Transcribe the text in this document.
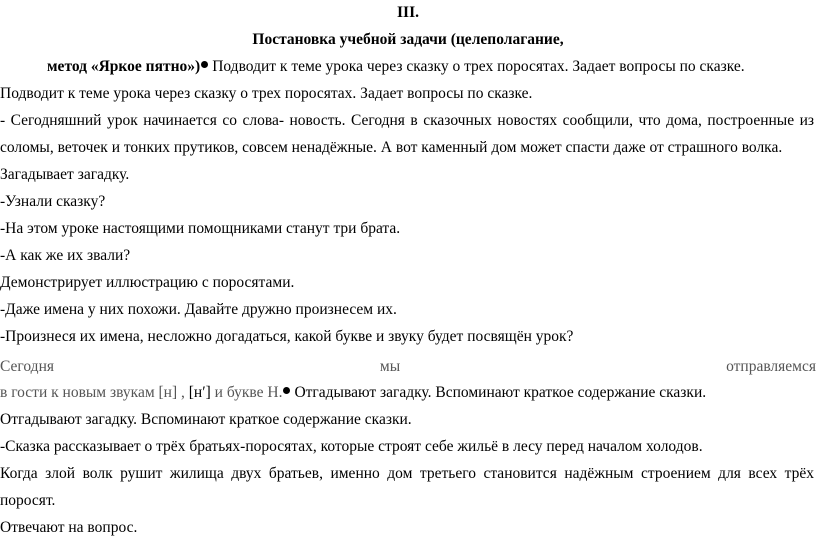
III.
Постановка учебной задачи (целеполагание,
метод «Яркое пятно») Подводит к теме урока через сказку о трех поросятах. Задает вопросы по сказке.
Подводит к теме урока через сказку о трех поросятах. Задает вопросы по сказке.
- Сегодняшний урок начинается со слова- новость. Сегодня в сказочных новостях сообщили, что дома, построенные из
соломы, веточек и тонких прутиков, совсем ненадёжные. А вот каменный дом может спасти даже от страшного волка.
Загадывает загадку.
-Узнали сказку?
-На этом уроке настоящими помощниками станут три брата.
-А как же их звали?
Демонстрирует иллюстрацию с поросятами.
-Даже имена у них похожи. Давайте дружно произнесем их.
-Произнеся их имена, несложно догадаться, какой букве и звуку будет посвящён урок?
Сегодня	мы	отправляемся
в гости к новым звукам [н] , [н′] и букве Н. Отгадывают загадку. Вспоминают краткое содержание сказки.
Отгадывают загадку. Вспоминают краткое содержание сказки.
-Сказка рассказывает о трёх братьях-поросятах, которые строят себе жильё в лесу перед началом холодов.
Когда злой волк рушит жилища двух братьев, именно дом третьего становится надёжным строением для всех трёх
поросят.
Отвечают на вопрос.
